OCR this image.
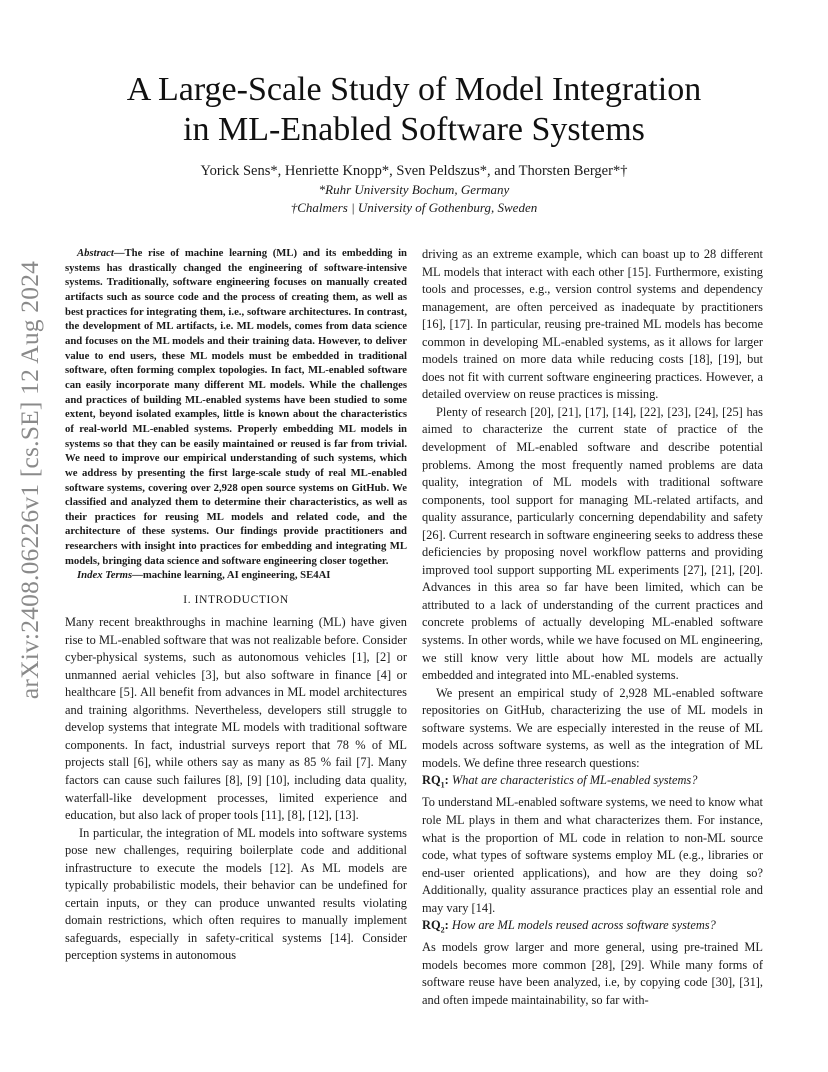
arXiv:2408.06226v1 [cs.SE] 12 Aug 2024
A Large-Scale Study of Model Integration
in ML-Enabled Software Systems
Yorick Sens*, Henriette Knopp*, Sven Peldszus*, and Thorsten Berger*†
*Ruhr University Bochum, Germany
†Chalmers | University of Gothenburg, Sweden

Abstract—The rise of machine learning (ML) and its embedding in systems has drastically changed the engineering of software-intensive systems. Traditionally, software engineering focuses on manually created artifacts such as source code and the process of creating them, as well as best practices for integrating them, i.e., software architectures. In contrast, the development of ML artifacts, i.e. ML models, comes from data science and focuses on the ML models and their training data. However, to deliver value to end users, these ML models must be embedded in traditional software, often forming complex topologies. In fact, ML-enabled software can easily incorporate many different ML models. While the challenges and practices of building ML-enabled systems have been studied to some extent, beyond isolated examples, little is known about the characteristics of real-world ML-enabled systems. Properly embedding ML models in systems so that they can be easily maintained or reused is far from trivial. We need to improve our empirical understanding of such systems, which we address by presenting the first large-scale study of real ML-enabled software systems, covering over 2,928 open source systems on GitHub. We classified and analyzed them to determine their characteristics, as well as their practices for reusing ML models and related code, and the architecture of these systems. Our findings provide practitioners and researchers with insight into practices for embedding and integrating ML models, bringing data science and software engineering closer together.

Index Terms—machine learning, AI engineering, SE4AI

I. INTRODUCTION

Many recent breakthroughs in machine learning (ML) have given rise to ML-enabled software that was not realizable before. Consider cyber-physical systems, such as autonomous vehicles [1], [2] or unmanned aerial vehicles [3], but also software in finance [4] or healthcare [5]. All benefit from advances in ML model architectures and training algorithms. Nevertheless, developers still struggle to develop systems that integrate ML models with traditional software components. In fact, industrial surveys report that 78 % of ML projects stall [6], while others say as many as 85 % fail [7]. Many factors can cause such failures [8], [9] [10], including data quality, waterfall-like development processes, limited experience and education, but also lack of proper tools [11], [8], [12], [13].

In particular, the integration of ML models into software systems pose new challenges, requiring boilerplate code and additional infrastructure to execute the models [12]. As ML models are typically probabilistic models, their behavior can be undefined for certain inputs, or they can produce unwanted results violating domain restrictions, which often requires to manually implement safeguards, especially in safety-critical systems [14]. Consider perception systems in autonomous

driving as an extreme example, which can boast up to 28 different ML models that interact with each other [15]. Furthermore, existing tools and processes, e.g., version control systems and dependency management, are often perceived as inadequate by practitioners [16], [17]. In particular, reusing pre-trained ML models has become common in developing ML-enabled systems, as it allows for larger models trained on more data while reducing costs [18], [19], but does not fit with current software engineering practices. However, a detailed overview on reuse practices is missing.

Plenty of research [20], [21], [17], [14], [22], [23], [24], [25] has aimed to characterize the current state of practice of the development of ML-enabled software and describe potential problems. Among the most frequently named problems are data quality, integration of ML models with traditional software components, tool support for managing ML-related artifacts, and quality assurance, particularly concerning dependability and safety [26]. Current research in software engineering seeks to address these deficiencies by proposing novel workflow patterns and providing improved tool support supporting ML experiments [27], [21], [20]. Advances in this area so far have been limited, which can be attributed to a lack of understanding of the current practices and concrete problems of actually developing ML-enabled software systems. In other words, while we have focused on ML engineering, we still know very little about how ML models are actually embedded and integrated into ML-enabled systems.

We present an empirical study of 2,928 ML-enabled software repositories on GitHub, characterizing the use of ML models in software systems. We are especially interested in the reuse of ML models across software systems, as well as the integration of ML models. We define three research questions:

$RQ_1$: What are characteristics of ML-enabled systems?

To understand ML-enabled software systems, we need to know what role ML plays in them and what characterizes them. For instance, what is the proportion of ML code in relation to non-ML source code, what types of software systems employ ML (e.g., libraries or end-user oriented applications), and how are they doing so? Additionally, quality assurance practices play an essential role and may vary [14].

$RQ_2$: How are ML models reused across software systems?

As models grow larger and more general, using pre-trained ML models becomes more common [28], [29]. While many forms of software reuse have been analyzed, i.e, by copying code [30], [31], and often impede maintainability, so far with-
